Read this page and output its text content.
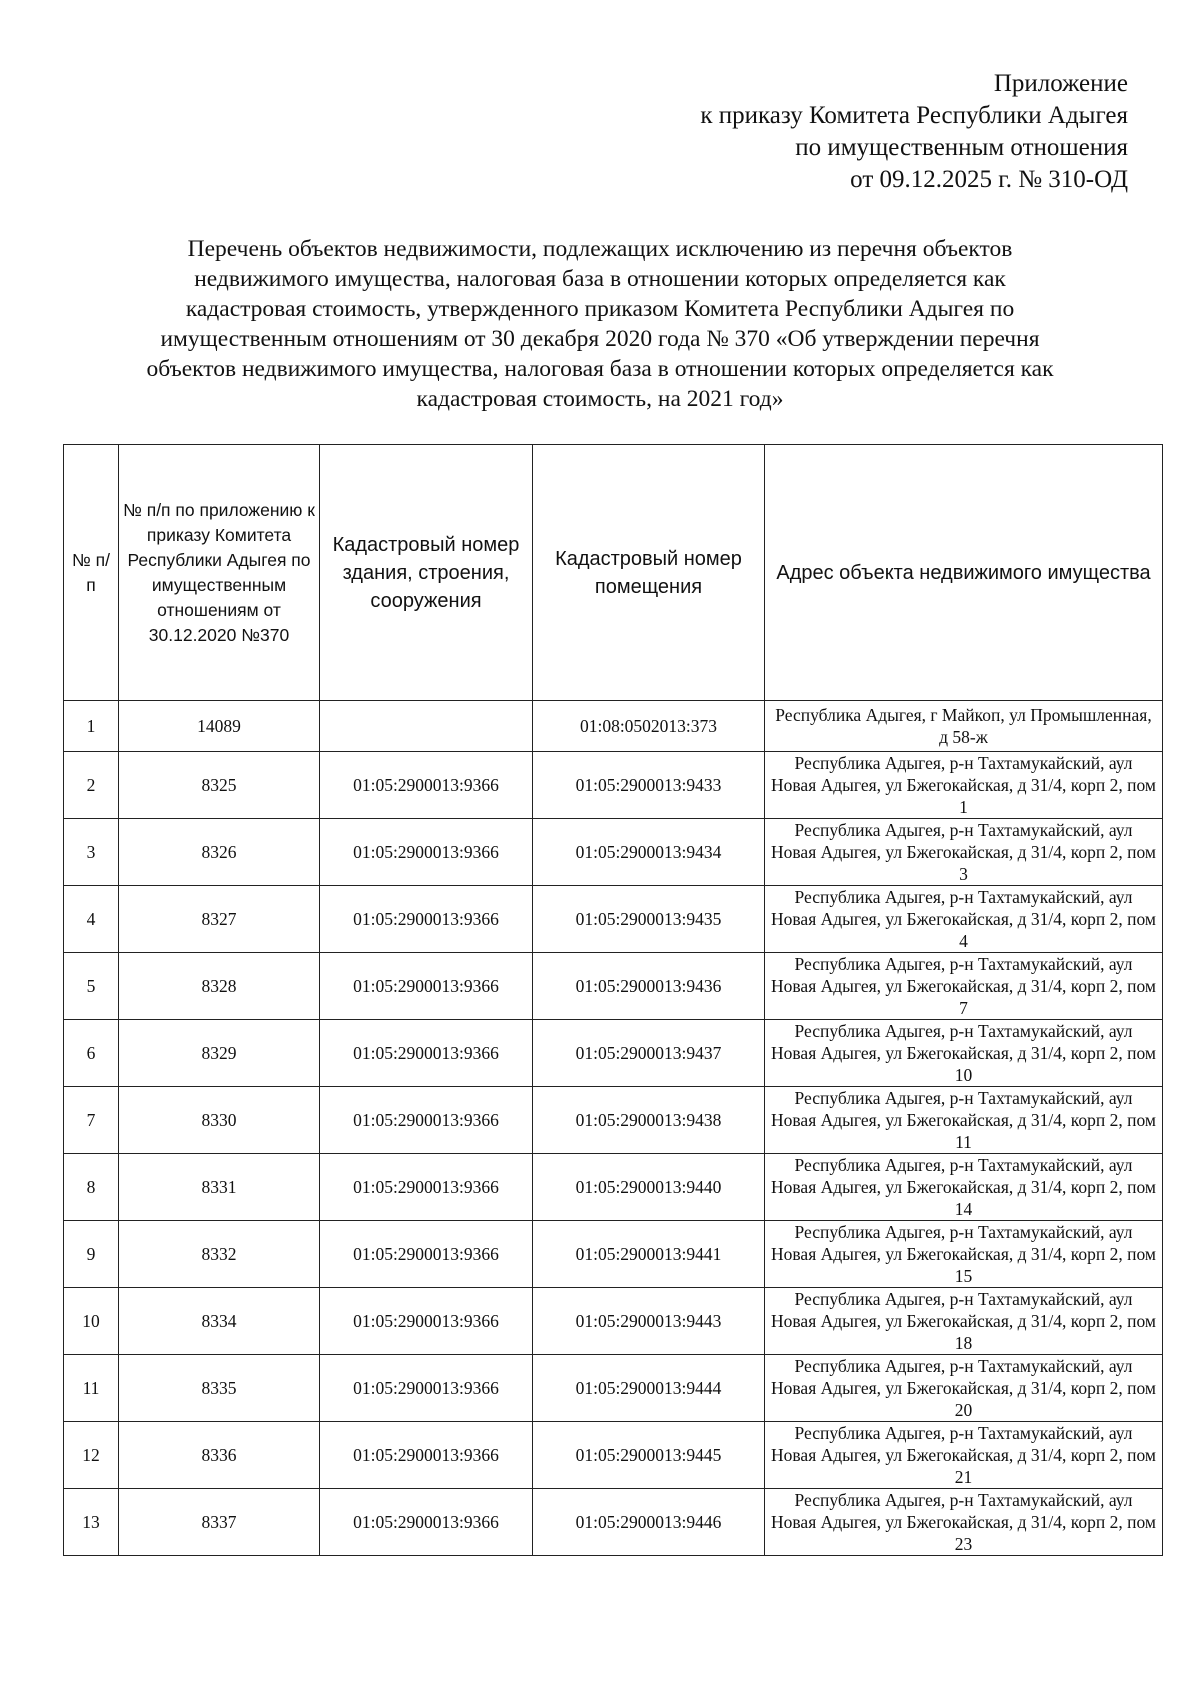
Приложение
к приказу Комитета Республики Адыгея
по имущественным отношения
от 09.12.2025 г. № 310-ОД
Перечень объектов недвижимости, подлежащих исключению из перечня объектов
недвижимого имущества, налоговая база в отношении которых определяется как
кадастровая стоимость, утвержденного приказом Комитета Республики Адыгея по
имущественным отношениям от 30 декабря 2020 года № 370 «Об утверждении перечня
объектов недвижимого имущества, налоговая база в отношении которых определяется как
кадастровая стоимость, на 2021 год»
№ п/п	№ п/п по приложению к приказу Комитета Республики Адыгея по имущественным отношениям от 30.12.2020 №370	Кадастровый номер здания, строения, сооружения	Кадастровый номер помещения	Адрес объекта недвижимого имущества
1	14089		01:08:0502013:373	Республика Адыгея, г Майкоп, ул Промышленная, д 58-ж
2	8325	01:05:2900013:9366	01:05:2900013:9433	Республика Адыгея, р-н Тахтамукайский, аул Новая Адыгея, ул Бжегокайская, д 31/4, корп 2, пом 1
3	8326	01:05:2900013:9366	01:05:2900013:9434	Республика Адыгея, р-н Тахтамукайский, аул Новая Адыгея, ул Бжегокайская, д 31/4, корп 2, пом 3
4	8327	01:05:2900013:9366	01:05:2900013:9435	Республика Адыгея, р-н Тахтамукайский, аул Новая Адыгея, ул Бжегокайская, д 31/4, корп 2, пом 4
5	8328	01:05:2900013:9366	01:05:2900013:9436	Республика Адыгея, р-н Тахтамукайский, аул Новая Адыгея, ул Бжегокайская, д 31/4, корп 2, пом 7
6	8329	01:05:2900013:9366	01:05:2900013:9437	Республика Адыгея, р-н Тахтамукайский, аул Новая Адыгея, ул Бжегокайская, д 31/4, корп 2, пом 10
7	8330	01:05:2900013:9366	01:05:2900013:9438	Республика Адыгея, р-н Тахтамукайский, аул Новая Адыгея, ул Бжегокайская, д 31/4, корп 2, пом 11
8	8331	01:05:2900013:9366	01:05:2900013:9440	Республика Адыгея, р-н Тахтамукайский, аул Новая Адыгея, ул Бжегокайская, д 31/4, корп 2, пом 14
9	8332	01:05:2900013:9366	01:05:2900013:9441	Республика Адыгея, р-н Тахтамукайский, аул Новая Адыгея, ул Бжегокайская, д 31/4, корп 2, пом 15
10	8334	01:05:2900013:9366	01:05:2900013:9443	Республика Адыгея, р-н Тахтамукайский, аул Новая Адыгея, ул Бжегокайская, д 31/4, корп 2, пом 18
11	8335	01:05:2900013:9366	01:05:2900013:9444	Республика Адыгея, р-н Тахтамукайский, аул Новая Адыгея, ул Бжегокайская, д 31/4, корп 2, пом 20
12	8336	01:05:2900013:9366	01:05:2900013:9445	Республика Адыгея, р-н Тахтамукайский, аул Новая Адыгея, ул Бжегокайская, д 31/4, корп 2, пом 21
13	8337	01:05:2900013:9366	01:05:2900013:9446	Республика Адыгея, р-н Тахтамукайский, аул Новая Адыгея, ул Бжегокайская, д 31/4, корп 2, пом 23
